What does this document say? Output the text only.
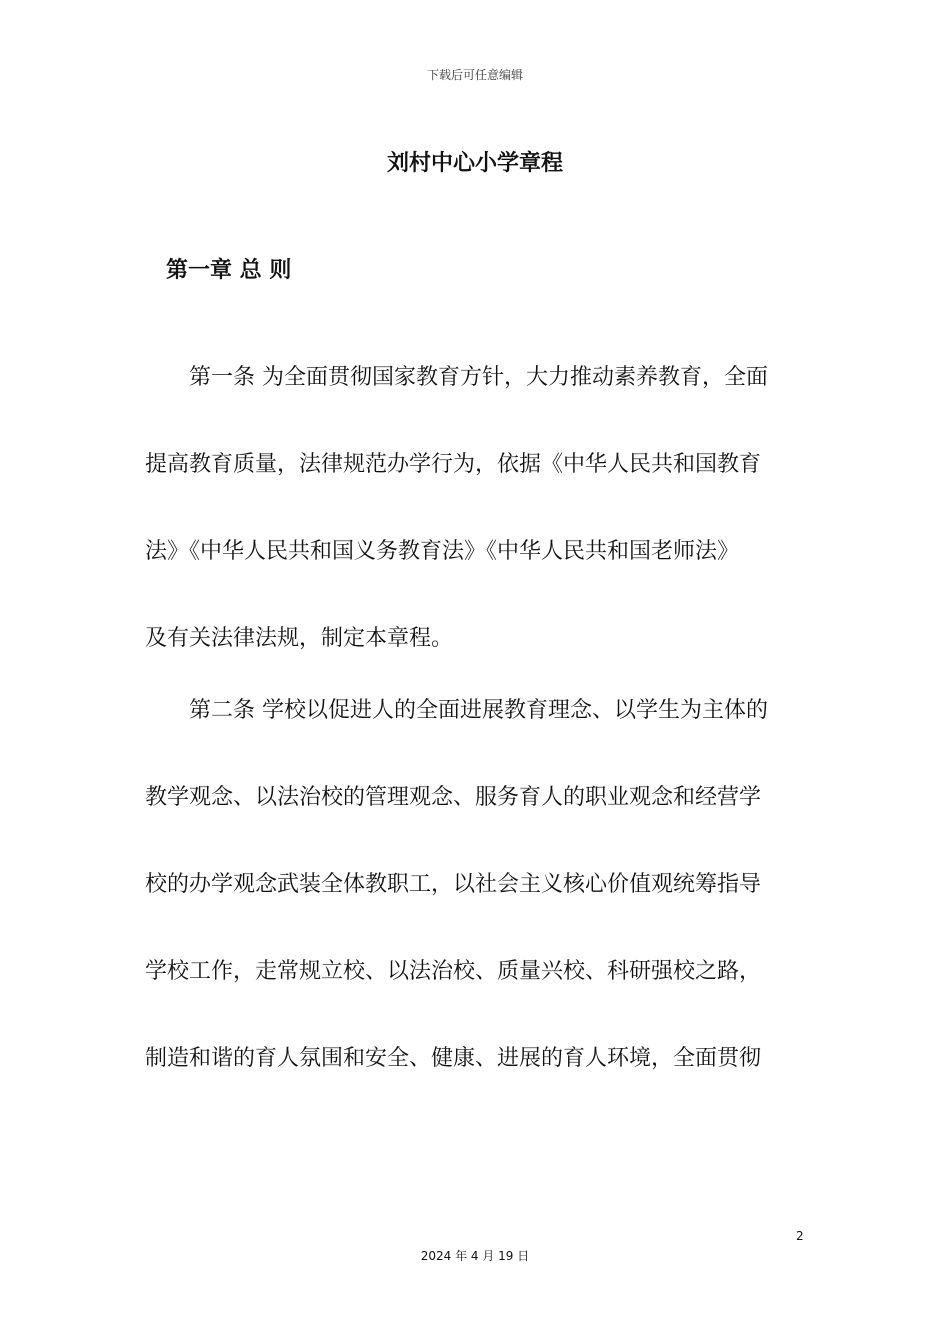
下载后可任意编辑
刘村中心小学章程
第一章 总 则
　　第一条 为全面贯彻国家教育方针，大力推动素养教育，全面
提高教育质量，法律规范办学行为，依据《中华人民共和国教育
法》《中华人民共和国义务教育法》《中华人民共和国老师法》
及有关法律法规，制定本章程。
　　第二条 学校以促进人的全面进展教育理念、以学生为主体的
教学观念、以法治校的管理观念、服务育人的职业观念和经营学
校的办学观念武装全体教职工，以社会主义核心价值观统筹指导
学校工作，走常规立校、以法治校、质量兴校、科研强校之路，
制造和谐的育人氛围和安全、健康、进展的育人环境，全面贯彻
2
2024 年 4 月 19 日
